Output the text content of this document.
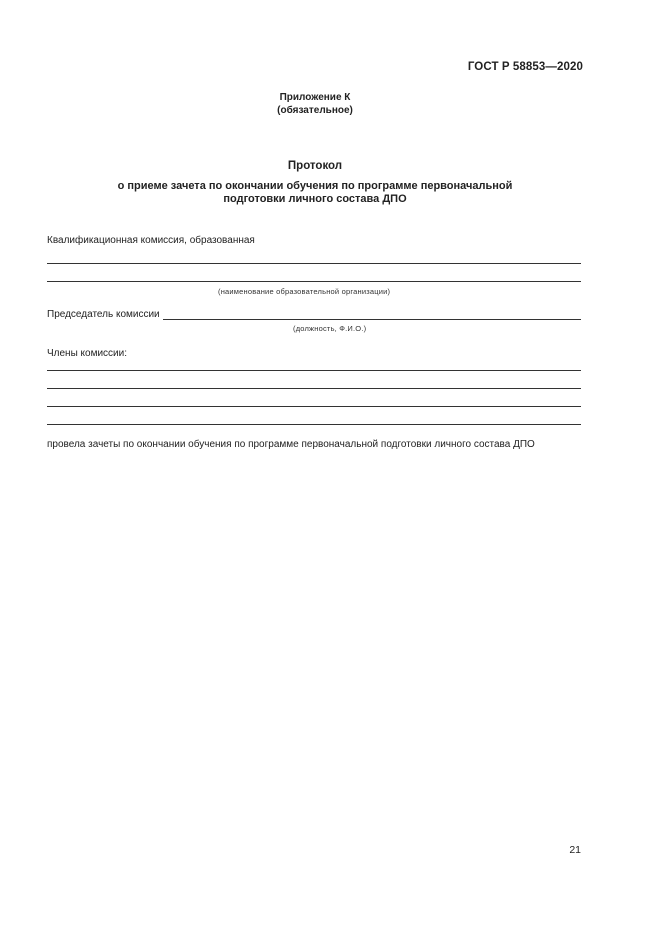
ГОСТ Р 58853—2020
Приложение К
(обязательное)
Протокол
о приеме зачета по окончании обучения по программе первоначальной
подготовки личного состава ДПО
Квалификационная комиссия, образованная
(наименование образовательной организации)
Председатель комиссии
(должность, Ф.И.О.)
Члены комиссии:
провела зачеты по окончании обучения по программе первоначальной подготовки личного состава ДПО
21
